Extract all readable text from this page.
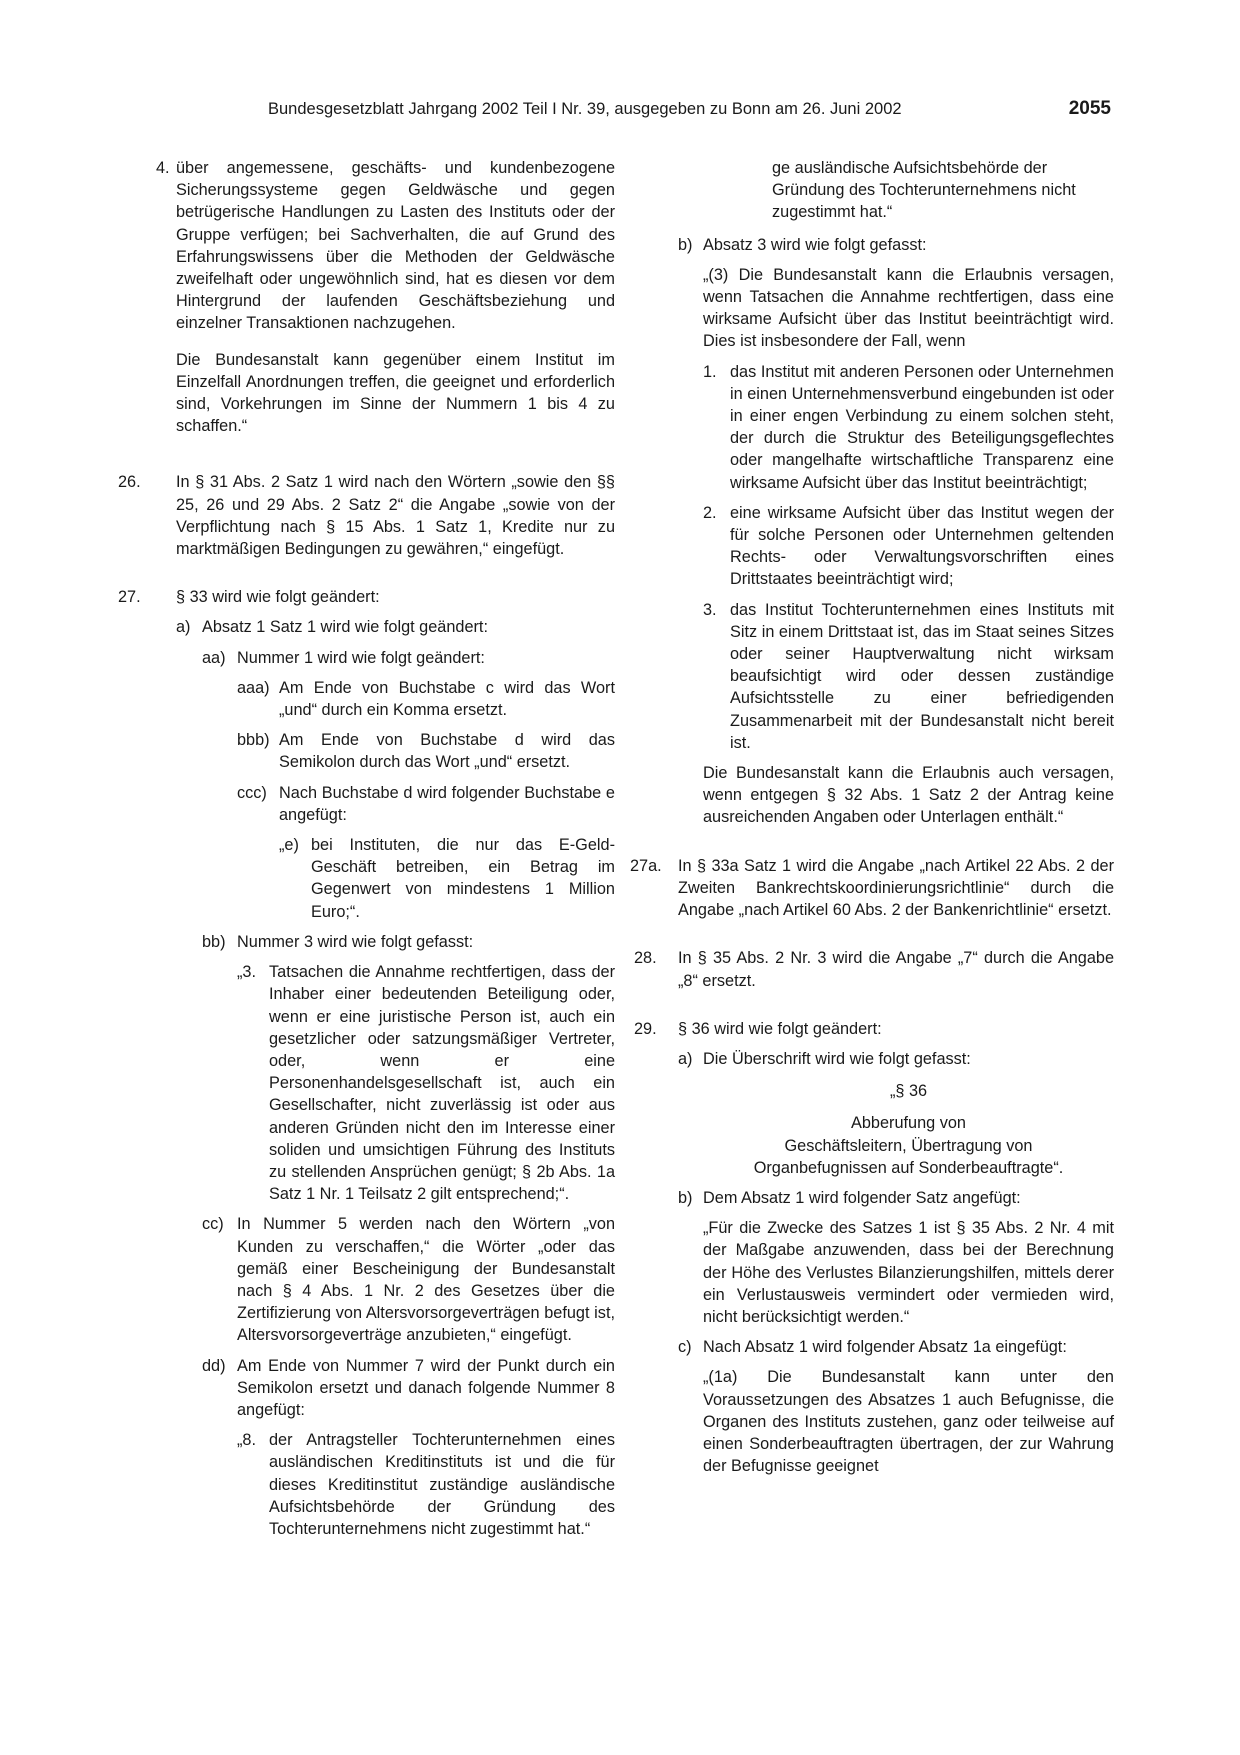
Bundesgesetzblatt Jahrgang 2002 Teil I Nr. 39, ausgegeben zu Bonn am 26. Juni 2002	2055
4. über angemessene, geschäfts- und kundenbezogene Sicherungssysteme gegen Geldwäsche und gegen betrügerische Handlungen zu Lasten des Instituts oder der Gruppe verfügen; bei Sachverhalten, die auf Grund des Erfahrungswissens über die Methoden der Geldwäsche zweifelhaft oder ungewöhnlich sind, hat es diesen vor dem Hintergrund der laufenden Geschäftsbeziehung und einzelner Transaktionen nachzugehen.

Die Bundesanstalt kann gegenüber einem Institut im Einzelfall Anordnungen treffen, die geeignet und erforderlich sind, Vorkehrungen im Sinne der Nummern 1 bis 4 zu schaffen.“

26. In § 31 Abs. 2 Satz 1 wird nach den Wörtern „sowie den §§ 25, 26 und 29 Abs. 2 Satz 2“ die Angabe „sowie von der Verpflichtung nach § 15 Abs. 1 Satz 1, Kredite nur zu marktmäßigen Bedingungen zu gewähren,“ eingefügt.

27. § 33 wird wie folgt geändert:

a) Absatz 1 Satz 1 wird wie folgt geändert:

aa) Nummer 1 wird wie folgt geändert:

aaa) Am Ende von Buchstabe c wird das Wort „und“ durch ein Komma ersetzt.

bbb) Am Ende von Buchstabe d wird das Semikolon durch das Wort „und“ ersetzt.

ccc) Nach Buchstabe d wird folgender Buchstabe e angefügt:

„e) bei Instituten, die nur das E-Geld-Geschäft betreiben, ein Betrag im Gegenwert von mindestens 1 Million Euro;“.

bb) Nummer 3 wird wie folgt gefasst:

„3. Tatsachen die Annahme rechtfertigen, dass der Inhaber einer bedeutenden Beteiligung oder, wenn er eine juristische Person ist, auch ein gesetzlicher oder satzungsmäßiger Vertreter, oder, wenn er eine Personenhandelsgesellschaft ist, auch ein Gesellschafter, nicht zuverlässig ist oder aus anderen Gründen nicht den im Interesse einer soliden und umsichtigen Führung des Instituts zu stellenden Ansprüchen genügt; § 2b Abs. 1a Satz 1 Nr. 1 Teilsatz 2 gilt entsprechend;“.

cc) In Nummer 5 werden nach den Wörtern „von Kunden zu verschaffen,“ die Wörter „oder das gemäß einer Bescheinigung der Bundesanstalt nach § 4 Abs. 1 Nr. 2 des Gesetzes über die Zertifizierung von Altersvorsorgeverträgen befugt ist, Altersvorsorgeverträge anzubieten,“ eingefügt.

dd) Am Ende von Nummer 7 wird der Punkt durch ein Semikolon ersetzt und danach folgende Nummer 8 angefügt:

„8. der Antragsteller Tochterunternehmen eines ausländischen Kreditinstituts ist und die für dieses Kreditinstitut zuständige ausländische Aufsichtsbehörde der Gründung des Tochterunternehmens nicht zugestimmt hat.“

ge ausländische Aufsichtsbehörde der Gründung des Tochterunternehmens nicht zugestimmt hat.“

b) Absatz 3 wird wie folgt gefasst:

„(3) Die Bundesanstalt kann die Erlaubnis versagen, wenn Tatsachen die Annahme rechtfertigen, dass eine wirksame Aufsicht über das Institut beeinträchtigt wird. Dies ist insbesondere der Fall, wenn

1. das Institut mit anderen Personen oder Unternehmen in einen Unternehmensverbund eingebunden ist oder in einer engen Verbindung zu einem solchen steht, der durch die Struktur des Beteiligungsgeflechtes oder mangelhafte wirtschaftliche Transparenz eine wirksame Aufsicht über das Institut beeinträchtigt;

2. eine wirksame Aufsicht über das Institut wegen der für solche Personen oder Unternehmen geltenden Rechts- oder Verwaltungsvorschriften eines Drittstaates beeinträchtigt wird;

3. das Institut Tochterunternehmen eines Instituts mit Sitz in einem Drittstaat ist, das im Staat seines Sitzes oder seiner Hauptverwaltung nicht wirksam beaufsichtigt wird oder dessen zuständige Aufsichtsstelle zu einer befriedigenden Zusammenarbeit mit der Bundesanstalt nicht bereit ist.

Die Bundesanstalt kann die Erlaubnis auch versagen, wenn entgegen § 32 Abs. 1 Satz 2 der Antrag keine ausreichenden Angaben oder Unterlagen enthält.“

27a. In § 33a Satz 1 wird die Angabe „nach Artikel 22 Abs. 2 der Zweiten Bankrechtskoordinierungsrichtlinie“ durch die Angabe „nach Artikel 60 Abs. 2 der Bankenrichtlinie“ ersetzt.

28. In § 35 Abs. 2 Nr. 3 wird die Angabe „7“ durch die Angabe „8“ ersetzt.

29. § 36 wird wie folgt geändert:

a) Die Überschrift wird wie folgt gefasst:

„§ 36

Abberufung von

Geschäftsleitern, Übertragung von

Organbefugnissen auf Sonderbeauftragte“.

b) Dem Absatz 1 wird folgender Satz angefügt:

„Für die Zwecke des Satzes 1 ist § 35 Abs. 2 Nr. 4 mit der Maßgabe anzuwenden, dass bei der Berechnung der Höhe des Verlustes Bilanzierungshilfen, mittels derer ein Verlustausweis vermindert oder vermieden wird, nicht berücksichtigt werden.“

c) Nach Absatz 1 wird folgender Absatz 1a eingefügt:

„(1a) Die Bundesanstalt kann unter den Voraussetzungen des Absatzes 1 auch Befugnisse, die Organen des Instituts zustehen, ganz oder teilweise auf einen Sonderbeauftragten übertragen, der zur Wahrung der Befugnisse geeignet
